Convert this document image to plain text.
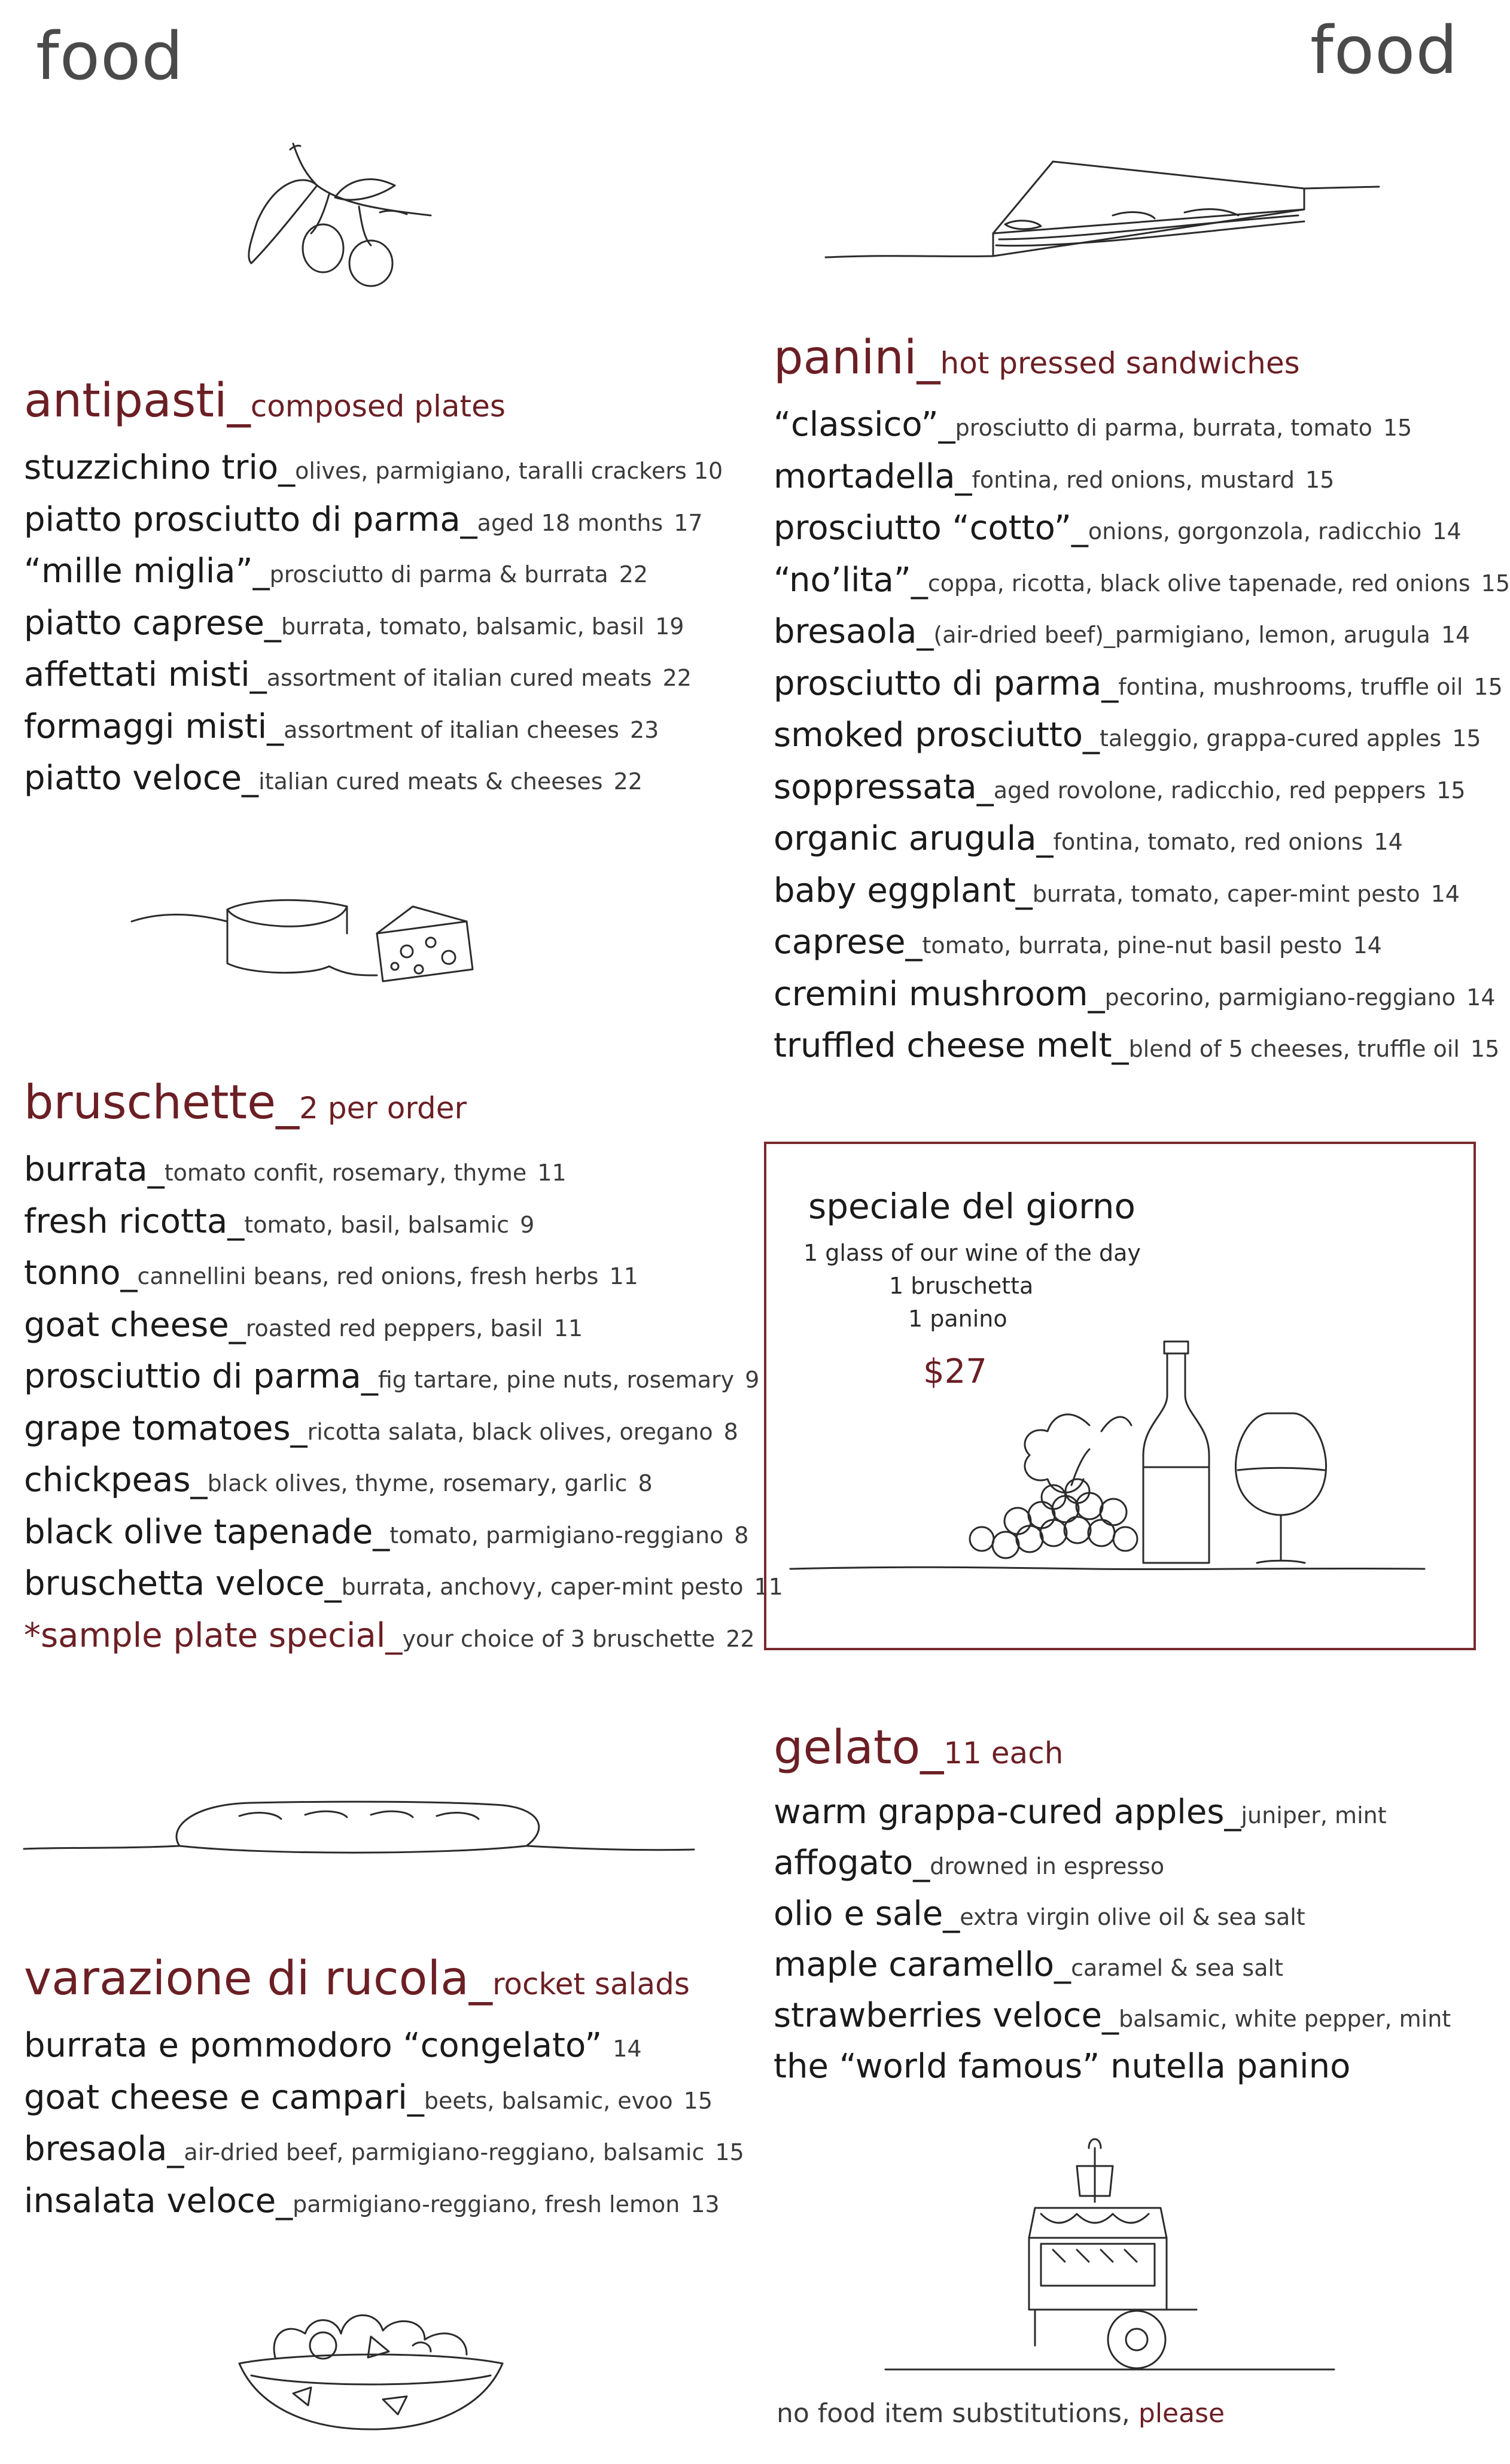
food	food
antipasti_ composed plates
stuzzichino trio_ olives, parmigiano, taralli crackers 10
piatto prosciutto di parma_ aged 18 months 17
“mille miglia”_ prosciutto di parma & burrata 22
piatto caprese_ burrata, tomato, balsamic, basil 19
affettati misti_ assortment of italian cured meats 22
formaggi misti_ assortment of italian cheeses 23
piatto veloce_ italian cured meats & cheeses 22
bruschette_ 2 per order
burrata_ tomato confit, rosemary, thyme 11
fresh ricotta_ tomato, basil, balsamic 9
tonno_ cannellini beans, red onions, fresh herbs 11
goat cheese_ roasted red peppers, basil 11
prosciuttio di parma_ fig tartare, pine nuts, rosemary 9
grape tomatoes_ ricotta salata, black olives, oregano 8
chickpeas_ black olives, thyme, rosemary, garlic 8
black olive tapenade_ tomato, parmigiano-reggiano 8
bruschetta veloce_ burrata, anchovy, caper-mint pesto 11
*sample plate special_ your choice of 3 bruschette 22
varazione di rucola_ rocket salads
burrata e pommodoro “congelato” 14
goat cheese e campari_ beets, balsamic, evoo 15
bresaola_ air-dried beef, parmigiano-reggiano, balsamic 15
insalata veloce_ parmigiano-reggiano, fresh lemon 13
panini_ hot pressed sandwiches
“classico”_ prosciutto di parma, burrata, tomato 15
mortadella_ fontina, red onions, mustard 15
prosciutto “cotto”_ onions, gorgonzola, radicchio 14
“no’lita”_ coppa, ricotta, black olive tapenade, red onions 15
bresaola_ (air-dried beef)_parmigiano, lemon, arugula 14
prosciutto di parma_ fontina, mushrooms, truffle oil 15
smoked prosciutto_ taleggio, grappa-cured apples 15
soppressata_ aged rovolone, radicchio, red peppers 15
organic arugula_ fontina, tomato, red onions 14
baby eggplant_ burrata, tomato, caper-mint pesto 14
caprese_ tomato, burrata, pine-nut basil pesto 14
cremini mushroom_ pecorino, parmigiano-reggiano 14
truffled cheese melt_ blend of 5 cheeses, truffle oil 15
speciale del giorno
1 glass of our wine of the day
1 bruschetta
1 panino
$27
gelato_ 11 each
warm grappa-cured apples_ juniper, mint
affogato_ drowned in espresso
olio e sale_ extra virgin olive oil & sea salt
maple caramello_ caramel & sea salt
strawberries veloce_ balsamic, white pepper, mint
the “world famous” nutella panino
no food item substitutions, please
